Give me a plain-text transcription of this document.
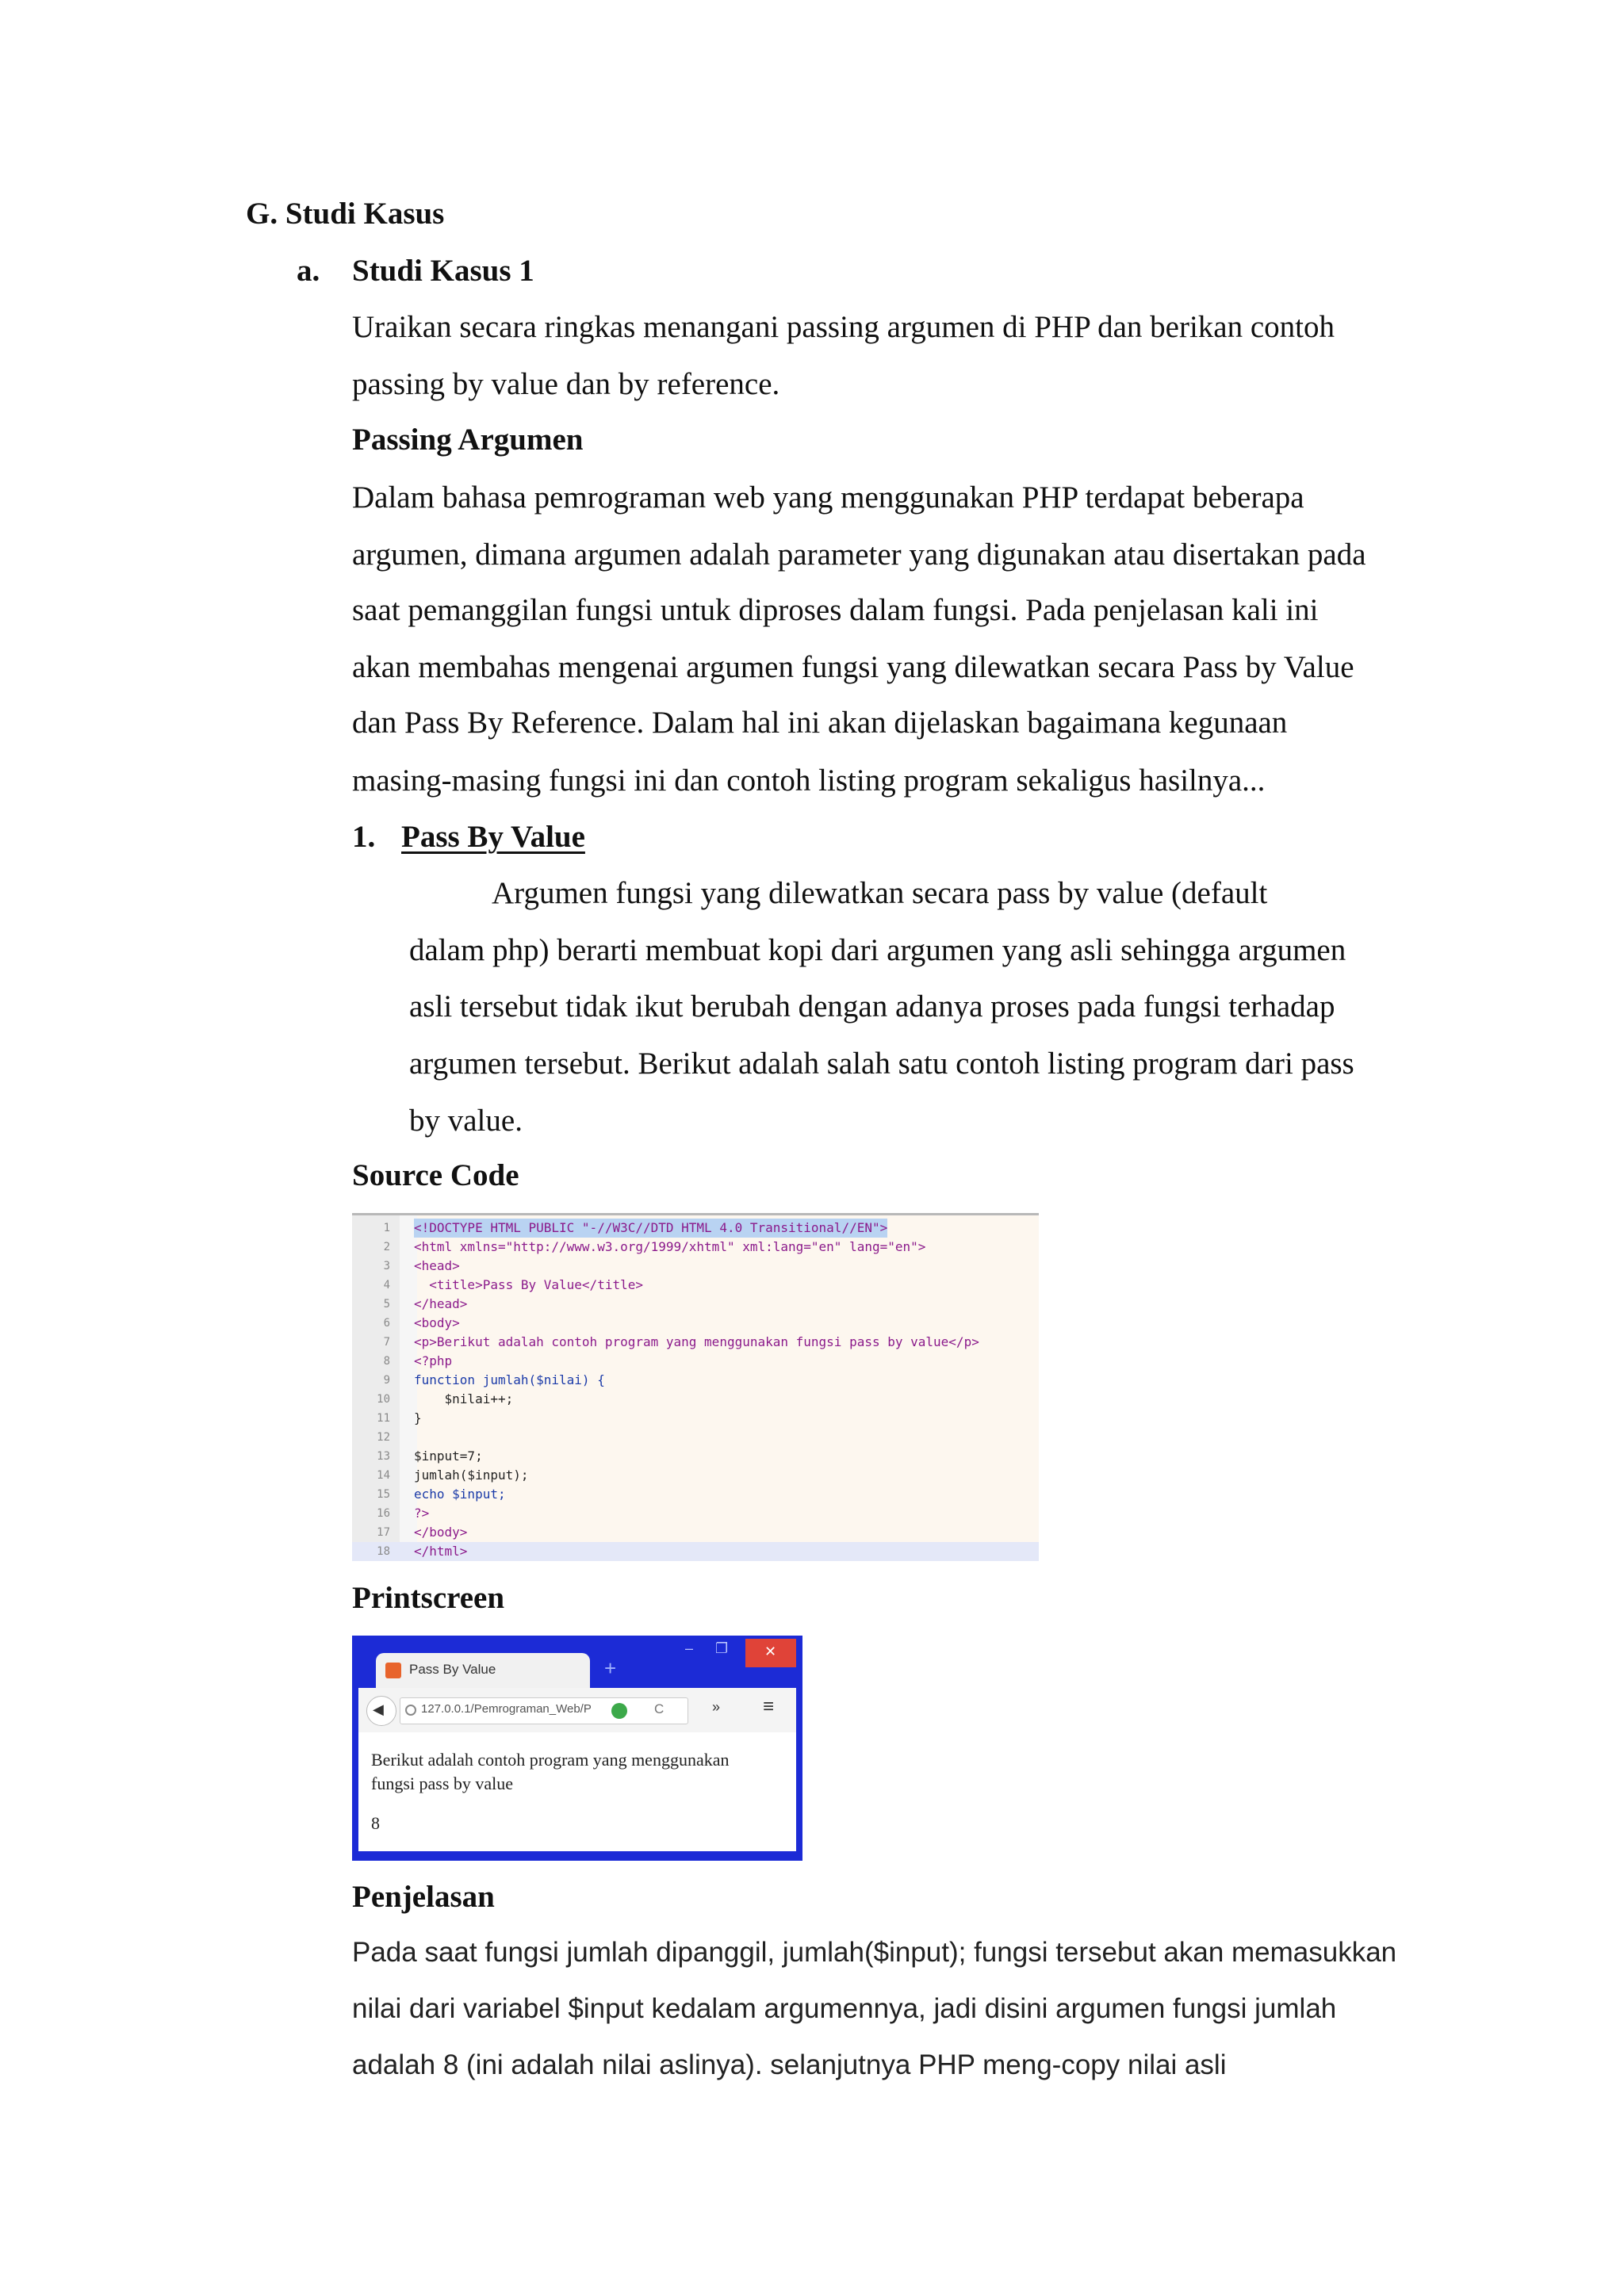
G. Studi Kasus
a. Studi Kasus 1
Uraikan secara ringkas menangani passing argumen di PHP dan berikan contoh
passing by value dan by reference.
Passing Argumen
Dalam bahasa pemrograman web yang menggunakan PHP terdapat beberapa
argumen, dimana argumen adalah parameter yang digunakan atau disertakan pada
saat pemanggilan fungsi untuk diproses dalam fungsi. Pada penjelasan kali ini
akan membahas mengenai argumen fungsi yang dilewatkan secara Pass by Value
dan Pass By Reference. Dalam hal ini akan dijelaskan bagaimana kegunaan
masing-masing fungsi ini dan contoh listing program sekaligus hasilnya...
1. Pass By Value
Argumen fungsi yang dilewatkan secara pass by value (default
dalam php) berarti membuat kopi dari argumen yang asli sehingga argumen
asli tersebut tidak ikut berubah dengan adanya proses pada fungsi terhadap
argumen tersebut. Berikut adalah salah satu contoh listing program dari pass
by value.
Source Code
1 <!DOCTYPE HTML PUBLIC "-//W3C//DTD HTML 4.0 Transitional//EN">
2 <html xmlns="http://www.w3.org/1999/xhtml" xml:lang="en" lang="en">
3 <head>
4 <title>Pass By Value</title>
5 </head>
6 <body>
7 <p>Berikut adalah contoh program yang menggunakan fungsi pass by value</p>
8 <?php
9 function jumlah($nilai) {
10 $nilai++;
11 }
12
13 $input=7;
14 jumlah($input);
15 echo $input;
16 ?>
17 </body>
18 </html>
Printscreen
Pass By Value	+
– ❐	✕
◀	127.0.0.1/Pemrograman_Web/P	C	» ≡
Berikut adalah contoh program yang menggunakan
fungsi pass by value
8
Penjelasan
Pada saat fungsi jumlah dipanggil, jumlah($input); fungsi tersebut akan memasukkan
nilai dari variabel $input kedalam argumennya, jadi disini argumen fungsi jumlah
adalah 8 (ini adalah nilai aslinya). selanjutnya PHP meng-copy nilai asli
